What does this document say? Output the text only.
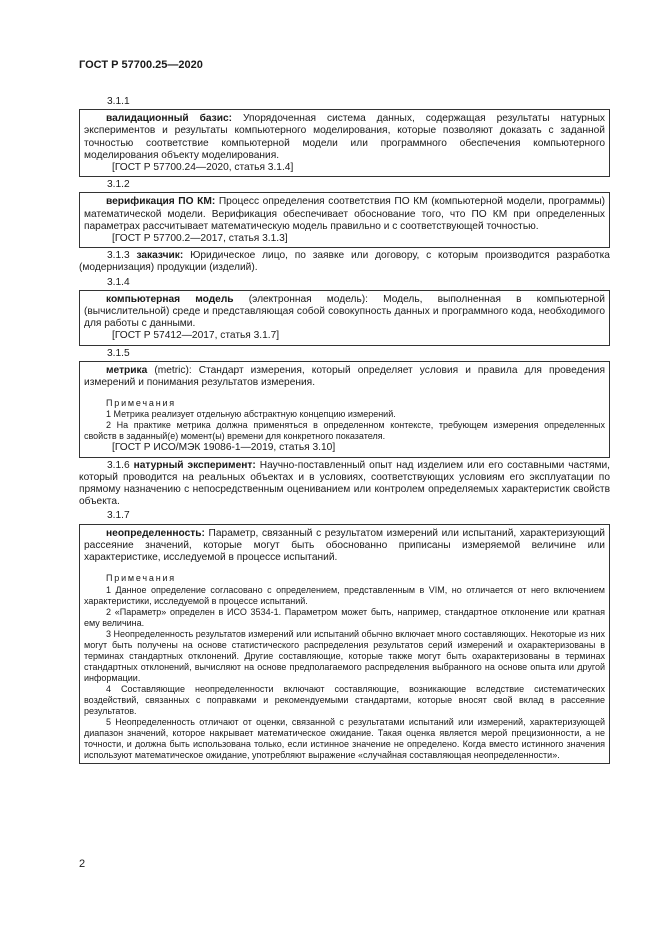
ГОСТ Р 57700.25—2020
3.1.1
валидационный базис: Упорядоченная система данных, содержащая результаты натурных экспериментов и результаты компьютерного моделирования, которые позволяют доказать с заданной точностью соответствие компьютерной модели или программного обеспечения компьютерного моделирования объекту моделирования.
[ГОСТ Р 57700.24—2020, статья 3.1.4]
3.1.2
верификация ПО КМ: Процесс определения соответствия ПО КМ (компьютерной модели, программы) математической модели. Верификация обеспечивает обоснование того, что ПО КМ при определенных параметрах рассчитывает математическую модель правильно и с соответствующей точностью.
[ГОСТ Р 57700.2—2017, статья 3.1.3]
3.1.3 заказчик: Юридическое лицо, по заявке или договору, с которым производится разработка (модернизация) продукции (изделий).
3.1.4
компьютерная модель (электронная модель): Модель, выполненная в компьютерной (вычислительной) среде и представляющая собой совокупность данных и программного кода, необходимого для работы с данными.
[ГОСТ Р 57412—2017, статья 3.1.7]
3.1.5
метрика (metric): Стандарт измерения, который определяет условия и правила для проведения измерений и понимания результатов измерения.
Примечания
1 Метрика реализует отдельную абстрактную концепцию измерений.
2 На практике метрика должна применяться в определенном контексте, требующем измерения определенных свойств в заданный(е) момент(ы) времени для конкретного показателя.
[ГОСТ Р ИСО/МЭК 19086-1—2019, статья 3.10]
3.1.6 натурный эксперимент: Научно-поставленный опыт над изделием или его составными частями, который проводится на реальных объектах и в условиях, соответствующих условиям его эксплуатации по прямому назначению с непосредственным оцениванием или контролем определяемых характеристик свойств объекта.
3.1.7
неопределенность: Параметр, связанный с результатом измерений или испытаний, характеризующий рассеяние значений, которые могут быть обоснованно приписаны измеряемой величине или характеристике, исследуемой в процессе испытаний.
Примечания
1 Данное определение согласовано с определением, представленным в VIM, но отличается от него включением характеристики, исследуемой в процессе испытаний.
2 «Параметр» определен в ИСО 3534-1. Параметром может быть, например, стандартное отклонение или кратная ему величина.
3 Неопределенность результатов измерений или испытаний обычно включает много составляющих. Некоторые из них могут быть получены на основе статистического распределения результатов серий измерений и охарактеризованы в терминах стандартных отклонений. Другие составляющие, которые также могут быть охарактеризованы в терминах стандартных отклонений, вычисляют на основе предполагаемого распределения выбранного на основе опыта или другой информации.
4 Составляющие неопределенности включают составляющие, возникающие вследствие систематических воздействий, связанных с поправками и рекомендуемыми стандартами, которые вносят свой вклад в рассеяние результатов.
5 Неопределенность отличают от оценки, связанной с результатами испытаний или измерений, характеризующей диапазон значений, которое накрывает математическое ожидание. Такая оценка является мерой прецизионности, а не точности, и должна быть использована только, если истинное значение не определено. Когда вместо истинного значения используют математическое ожидание, употребляют выражение «случайная составляющая неопределенности».
2
